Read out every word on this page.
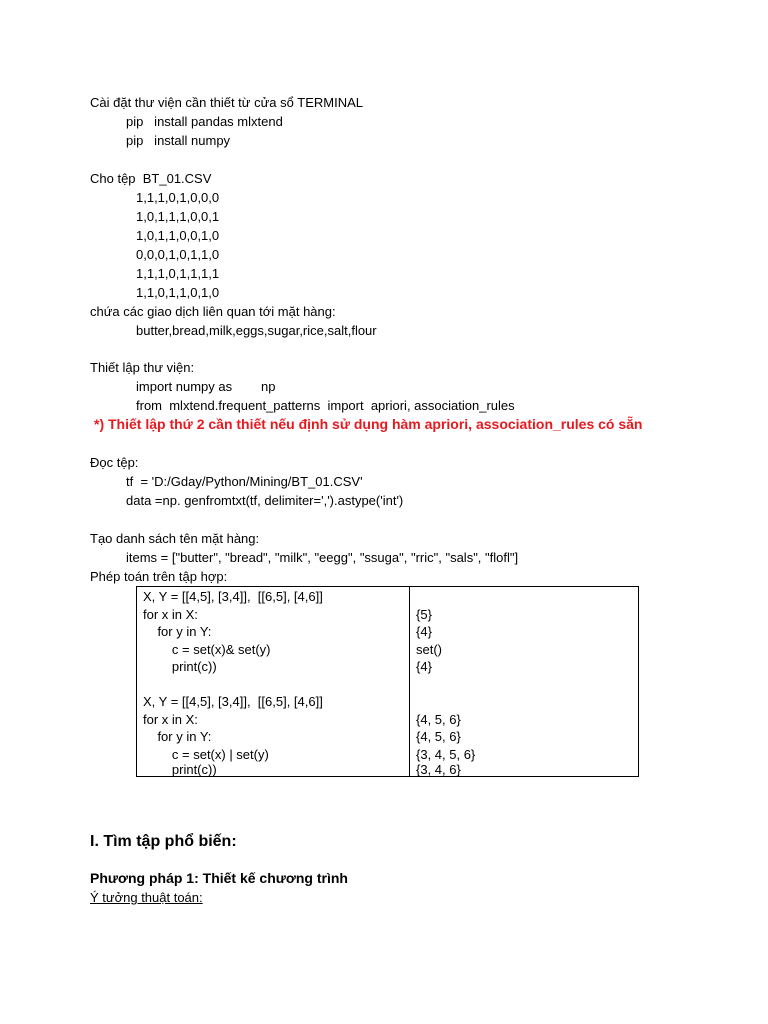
Cài đặt thư viện cần thiết từ cửa sổ TERMINAL
pip   install pandas mlxtend
pip   install numpy
Cho tệp  BT_01.CSV
1,1,1,0,1,0,0,0
1,0,1,1,1,0,0,1
1,0,1,1,0,0,1,0
0,0,0,1,0,1,1,0
1,1,1,0,1,1,1,1
1,1,0,1,1,0,1,0
chứa các giao dịch liên quan tới mặt hàng:
butter,bread,milk,eggs,sugar,rice,salt,flour
Thiết lập thư viện:
import numpy as        np
from  mlxtend.frequent_patterns  import  apriori, association_rules
*) Thiết lập thứ 2 cần thiết nếu định sử dụng hàm apriori, association_rules có sẵn
Đọc tệp:
tf  = 'D:/Gday/Python/Mining/BT_01.CSV'
data =np. genfromtxt(tf, delimiter=',').astype('int')
Tạo danh sách tên mặt hàng:
items = ["butter", "bread", "milk", "eegg", "ssuga", "rric", "sals", "flofl"]
Phép toán trên tập hợp:
X, Y = [[4,5], [3,4]],  [[6,5], [4,6]]
for x in X:
for y in Y:
c = set(x)& set(y)
print(c))
{5}
{4}
set()
{4}
X, Y = [[4,5], [3,4]],  [[6,5], [4,6]]
for x in X:
for y in Y:
c = set(x) | set(y)
print(c))
{4, 5, 6}
{4, 5, 6}
{3, 4, 5, 6}
{3, 4, 6}
I. Tìm tập phổ biến:
Phương pháp 1: Thiết kế chương trình
Ý tưởng thuật toán:
